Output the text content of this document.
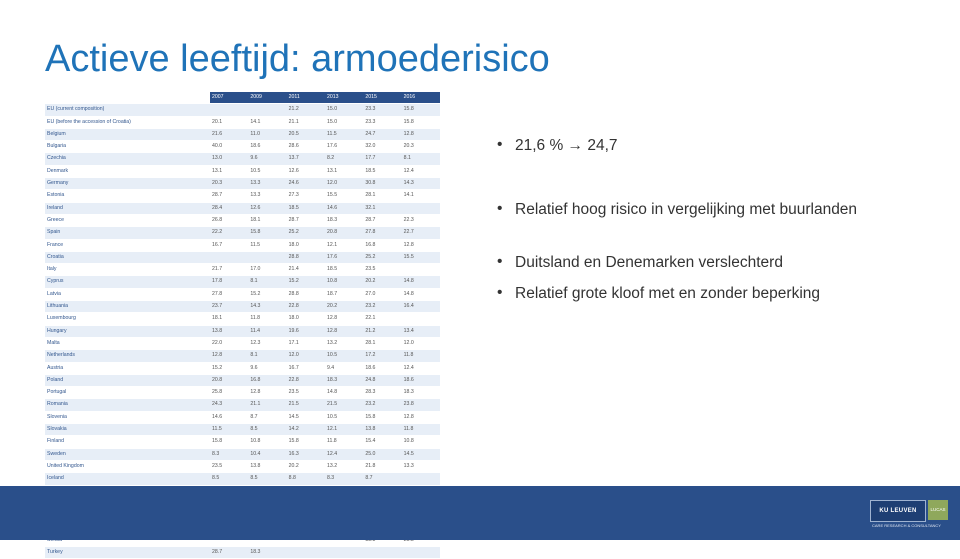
Actieve leeftijd: armoederisico
	2007	2009	2011	2013	2015	2016
EU (current composition)			21.2	15.0	23.3	15.8
EU (before the accession of Croatia)	20.1	14.1	21.1	15.0	23.3	15.8
Belgium	21.6	11.0	20.5	11.5	24.7	12.8
Bulgaria	40.0	18.6	28.6	17.6	32.0	20.3
Czechia	13.0	9.6	13.7	8.2	17.7	8.1
Denmark	13.1	10.5	12.6	13.1	18.5	12.4
Germany	20.3	13.3	24.6	12.0	30.8	14.3
Estonia	28.7	13.3	27.3	15.5	28.1	14.1
Ireland	28.4	12.6	18.5	14.6	32.1	
Greece	26.8	18.1	28.7	18.3	28.7	22.3
Spain	22.2	15.8	25.2	20.8	27.8	22.7
France	16.7	11.5	18.0	12.1	16.8	12.8
Croatia			28.8	17.6	25.2	15.5
Italy	21.7	17.0	21.4	18.5	23.5	
Cyprus	17.8	8.1	15.2	10.8	20.2	14.8
Latvia	27.8	15.2	28.8	18.7	27.0	14.8
Lithuania	23.7	14.3	22.8	20.2	23.2	16.4
Luxembourg	18.1	11.8	18.0	12.8	22.1	
Hungary	13.8	11.4	19.6	12.8	21.2	13.4
Malta	22.0	12.3	17.1	13.2	28.1	12.0
Netherlands	12.8	8.1	12.0	10.5	17.2	11.8
Austria	15.2	9.6	16.7	9.4	18.6	12.4
Poland	20.8	16.8	22.8	18.3	24.8	18.6
Portugal	25.8	12.8	23.5	14.8	28.3	18.3
Romania	24.3	21.1	21.5	21.5	23.2	23.8
Slovenia	14.6	8.7	14.5	10.5	15.8	12.8
Slovakia	11.5	8.5	14.2	12.1	13.8	11.8
Finland	15.8	10.8	15.8	11.8	15.4	10.8
Sweden	8.3	10.4	16.3	12.4	25.0	14.5
United Kingdom	23.5	13.8	20.2	13.2	21.8	13.3
Iceland	8.5	8.5	8.8	8.3	8.7	

Turkey	28.7	18.3				
• 21,6 % → 24,7
• Relatief hoog risico in vergelijking met buurlanden
• Duitsland en Denemarken verslechterd
• Relatief grote kloof met en zonder beperking
KU LEUVEN	LUCAS
CARE RESEARCH & CONSULTANCY
